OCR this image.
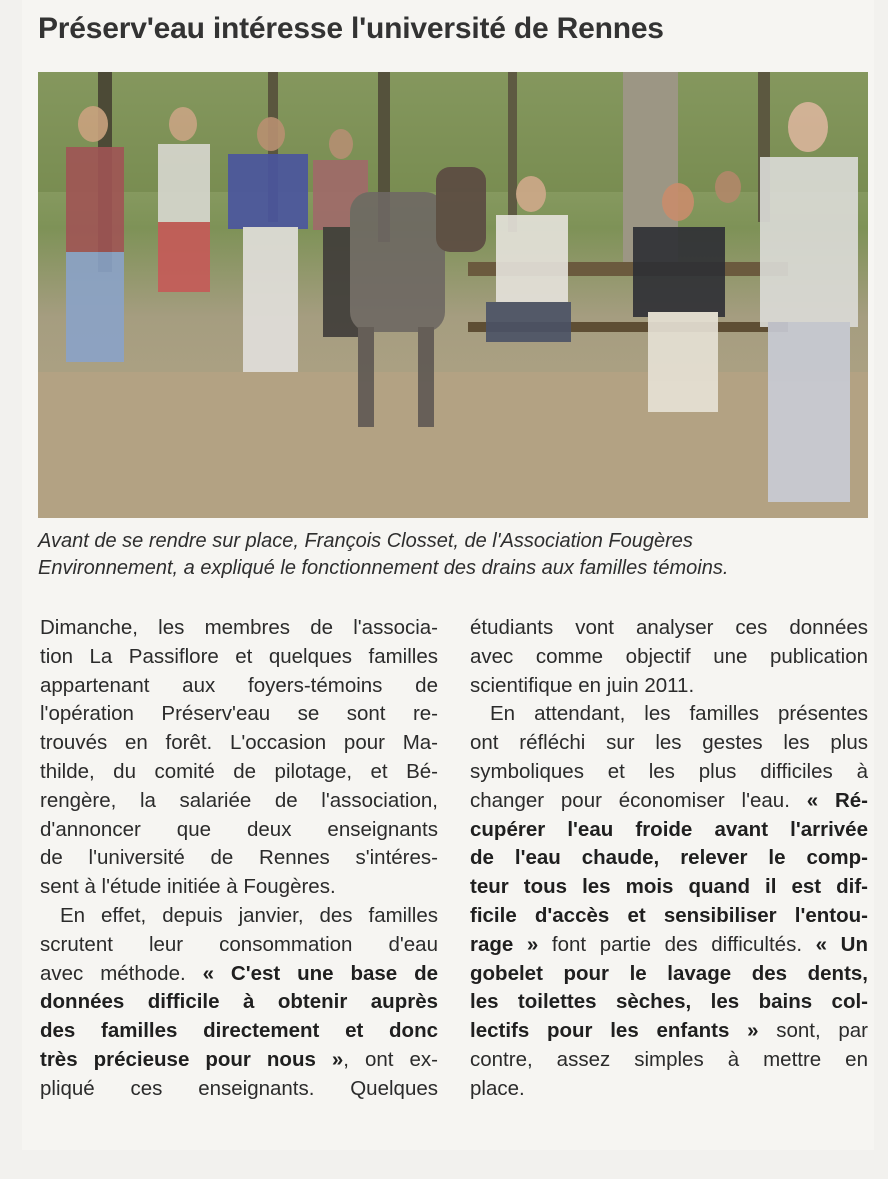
Préserv'eau intéresse l'université de Rennes

Avant de se rendre sur place, François Closset, de l'Association Fougères

Environnement, a expliqué le fonctionnement des drains aux familles témoins.

Dimanche, les membres de l'associa-
tion La Passiflore et quelques familles
appartenant aux foyers-témoins de
l'opération Préserv'eau se sont re-
trouvés en forêt. L'occasion pour Ma-
thilde, du comité de pilotage, et Bé-
rengère, la salariée de l'association,
d'annoncer que deux enseignants
de l'université de Rennes s'intéres-
sent à l'étude initiée à Fougères.
En effet, depuis janvier, des familles
scrutent leur consommation d'eau
avec méthode. « C'est une base de
données difficile à obtenir auprès
des familles directement et donc
très précieuse pour nous », ont ex-
pliqué ces enseignants. Quelques
étudiants vont analyser ces données
avec comme objectif une publication
scientifique en juin 2011.
En attendant, les familles présentes
ont réfléchi sur les gestes les plus
symboliques et les plus difficiles à
changer pour économiser l'eau. « Ré-
cupérer l'eau froide avant l'arrivée
de l'eau chaude, relever le comp-
teur tous les mois quand il est dif-
ficile d'accès et sensibiliser l'entou-
rage » font partie des difficultés. « Un
gobelet pour le lavage des dents,
les toilettes sèches, les bains col-
lectifs pour les enfants » sont, par
contre, assez simples à mettre en
place.
